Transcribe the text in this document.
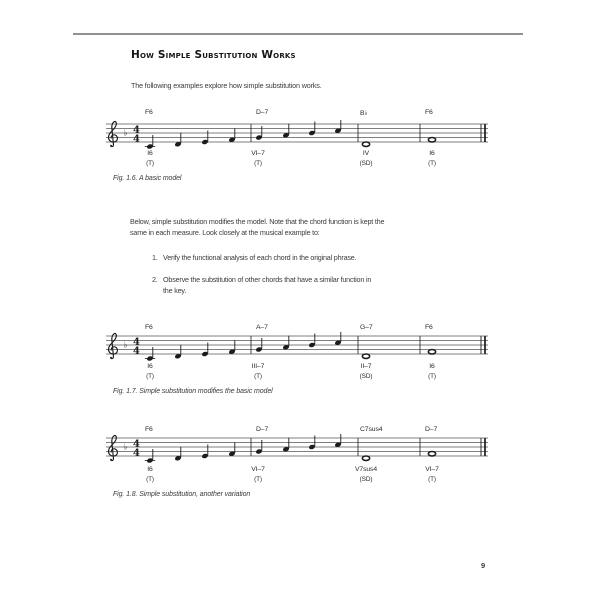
How Simple Substitution Works
The following examples explore how simple substitution works.
F6	D–7	B♭	F6
♭ 4
4
I6	VI–7	IV	I6
(T)	(T)	(SD)	(T)
Fig. 1.6. A basic model
Below, simple substitution modifies the model. Note that the chord function is kept the
same in each measure. Look closely at the musical example to:
1. Verify the functional analysis of each chord in the original phrase.
2. Observe the substitution of other chords that have a similar function in
the key.
F6	A–7	G–7	F6
♭ 4
4
I6	III–7	II–7	I6
(T)	(T)	(SD)	(T)
Fig. 1.7. Simple substitution modifies the basic model
F6	D–7	C7sus4	D–7
♭ 4
4
I6	VI–7	V7sus4	VI–7
(T)	(T)	(SD)	(T)
Fig. 1.8. Simple substitution, another variation
9
